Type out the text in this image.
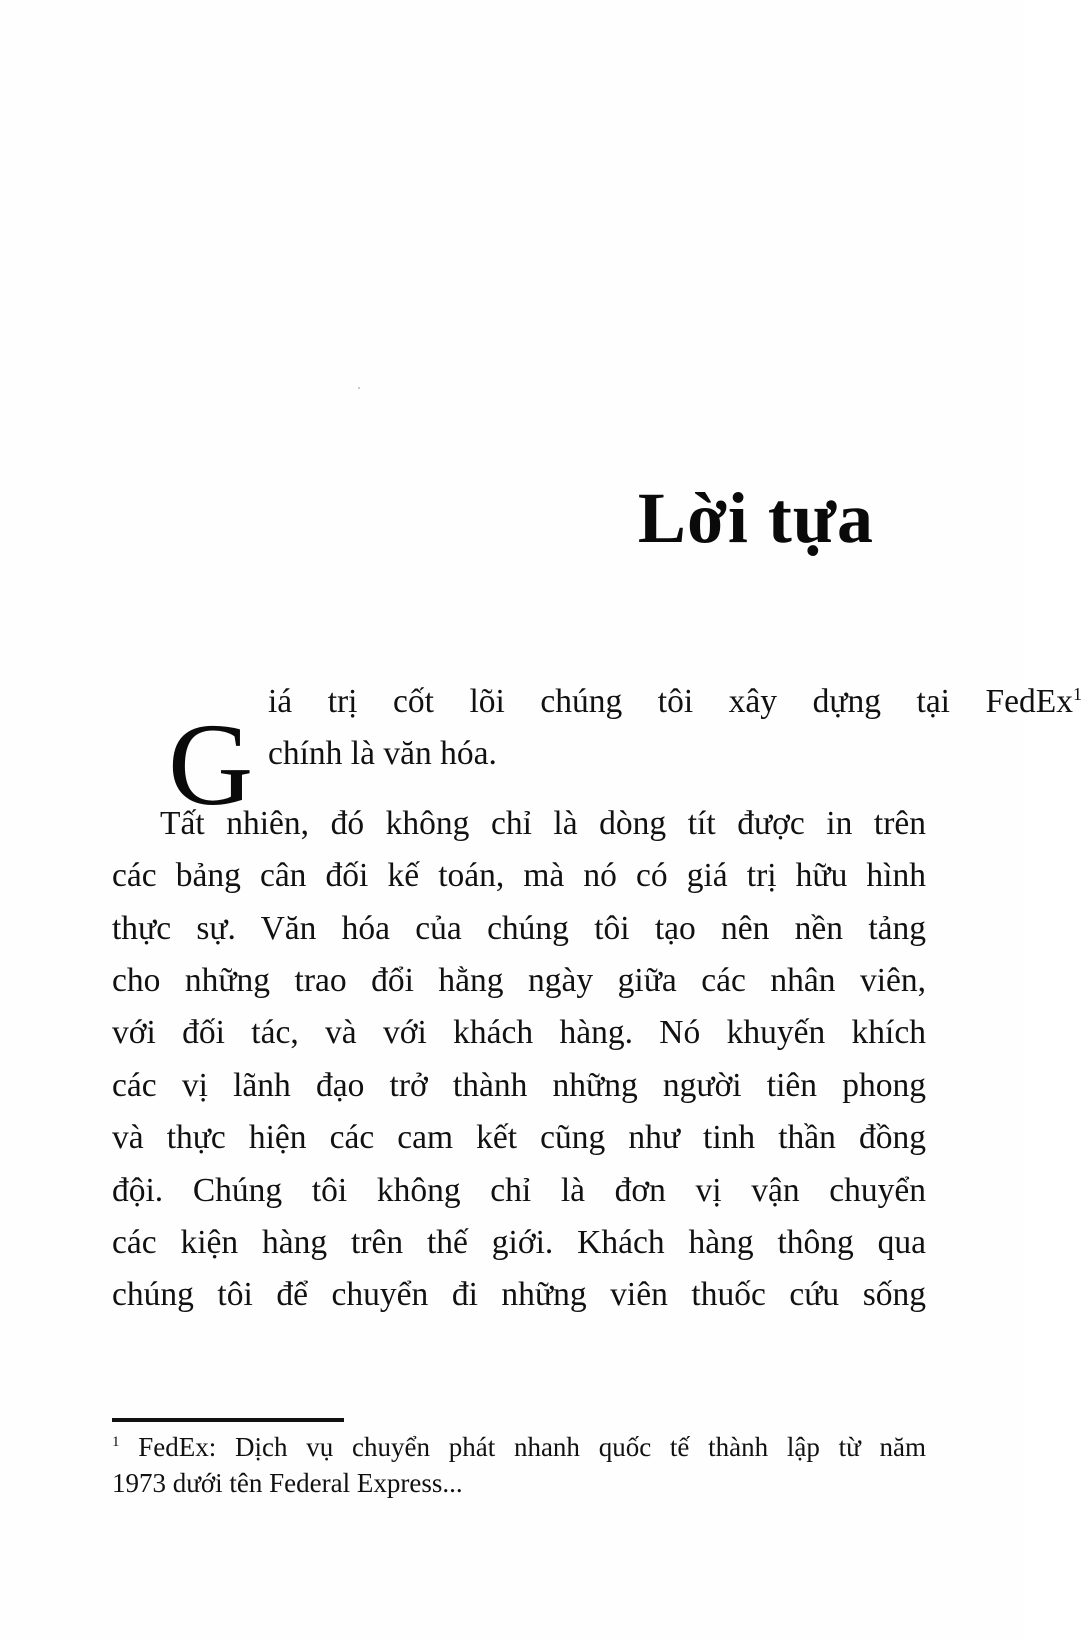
Lời tựa
G iá trị cốt lõi chúng tôi xây dựng tại FedEx$^1$
chính là văn hóa.
Tất nhiên, đó không chỉ là dòng tít được in trên
các bảng cân đối kế toán, mà nó có giá trị hữu hình
thực sự. Văn hóa của chúng tôi tạo nên nền tảng
cho những trao đổi hằng ngày giữa các nhân viên,
với đối tác, và với khách hàng. Nó khuyến khích
các vị lãnh đạo trở thành những người tiên phong
và thực hiện các cam kết cũng như tinh thần đồng
đội. Chúng tôi không chỉ là đơn vị vận chuyển
các kiện hàng trên thế giới. Khách hàng thông qua
chúng tôi để chuyển đi những viên thuốc cứu sống
$^1$ FedEx: Dịch vụ chuyển phát nhanh quốc tế thành lập từ năm
1973 dưới tên Federal Express...
